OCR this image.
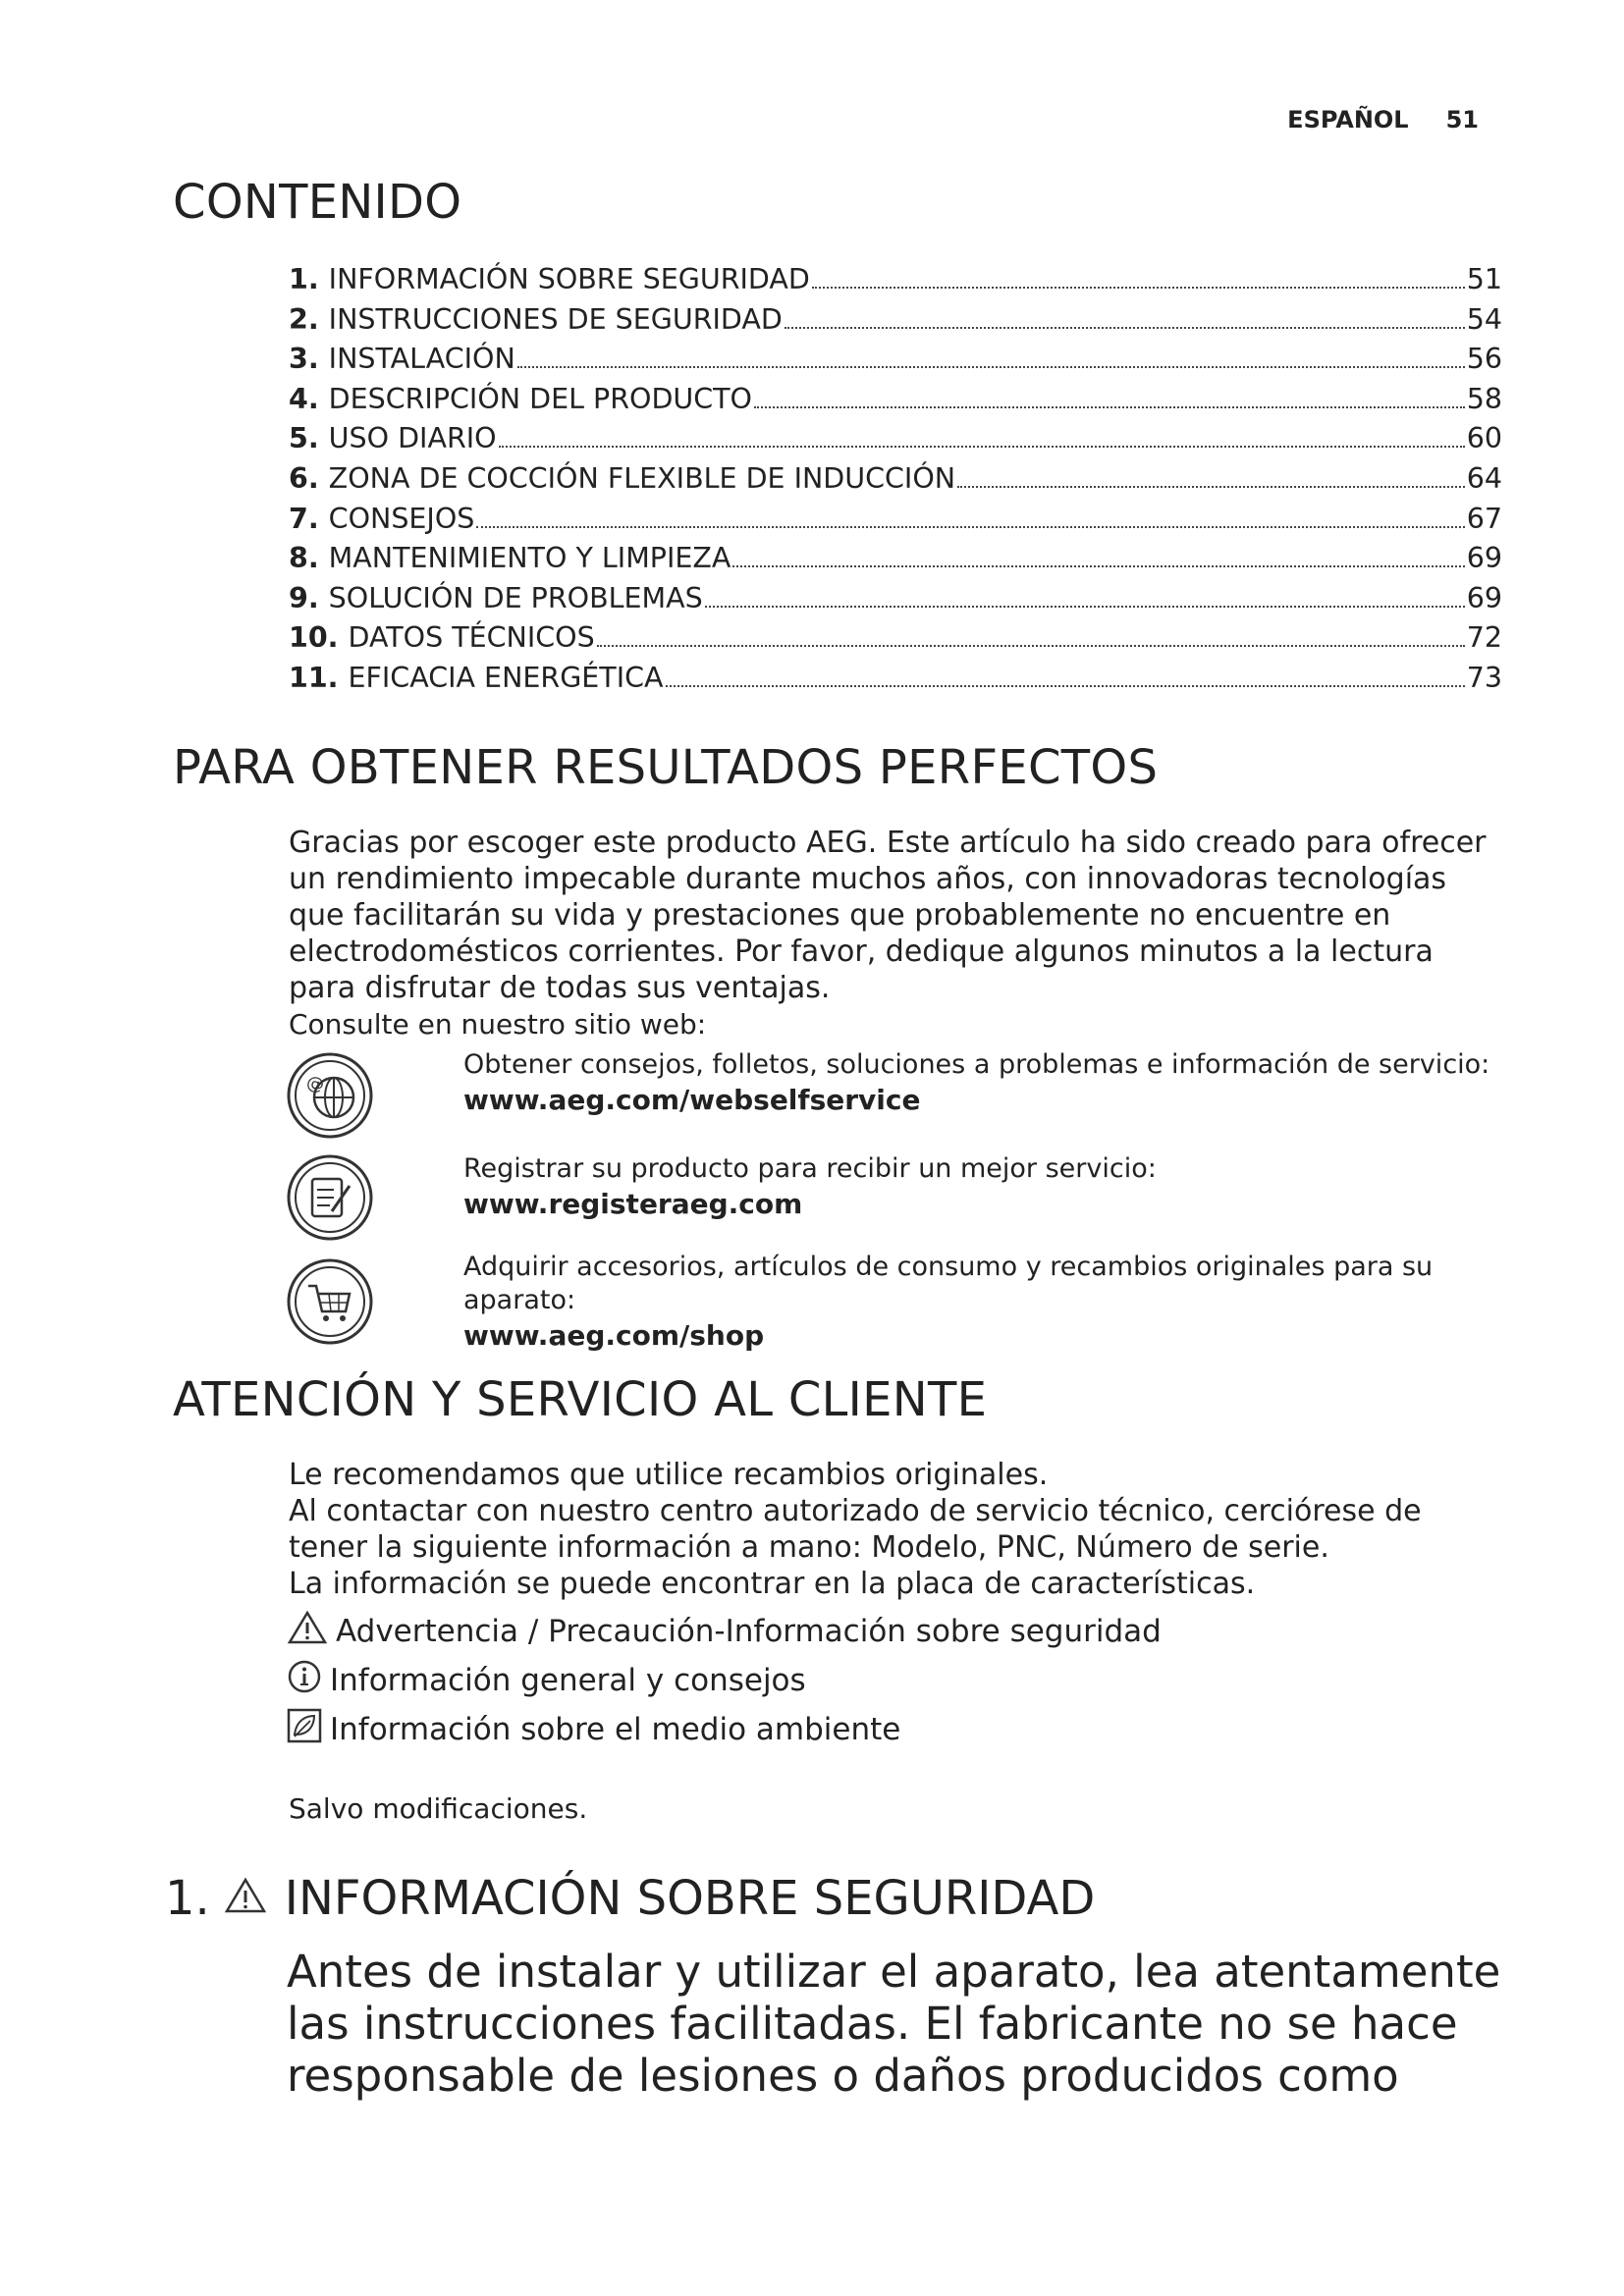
ESPAÑOL 51
CONTENIDO
1. INFORMACIÓN SOBRE SEGURIDAD	51
2. INSTRUCCIONES DE SEGURIDAD	54
3. INSTALACIÓN	56
4. DESCRIPCIÓN DEL PRODUCTO	58
5. USO DIARIO	60
6. ZONA DE COCCIÓN FLEXIBLE DE INDUCCIÓN	64
7. CONSEJOS	67
8. MANTENIMIENTO Y LIMPIEZA	69
9. SOLUCIÓN DE PROBLEMAS	69
10. DATOS TÉCNICOS	72
11. EFICACIA ENERGÉTICA	73
PARA OBTENER RESULTADOS PERFECTOS
Gracias por escoger este producto AEG. Este artículo ha sido creado para ofrecer
un rendimiento impecable durante muchos años, con innovadoras tecnologías
que facilitarán su vida y prestaciones que probablemente no encuentre en
electrodomésticos corrientes. Por favor, dedique algunos minutos a la lectura
para disfrutar de todas sus ventajas.
Consulte en nuestro sitio web:
@
Obtener consejos, folletos, soluciones a problemas e información de servicio:
www.aeg.com/webselfservice
Registrar su producto para recibir un mejor servicio:
www.registeraeg.com
Adquirir accesorios, artículos de consumo y recambios originales para su
aparato:
www.aeg.com/shop
ATENCIÓN Y SERVICIO AL CLIENTE
Le recomendamos que utilice recambios originales.
Al contactar con nuestro centro autorizado de servicio técnico, cerciórese de
tener la siguiente información a mano: Modelo, PNC, Número de serie.
La información se puede encontrar en la placa de características.
Advertencia / Precaución-Información sobre seguridad
Información general y consejos
Información sobre el medio ambiente
Salvo modificaciones.
1. INFORMACIÓN SOBRE SEGURIDAD
Antes de instalar y utilizar el aparato, lea atentamente
las instrucciones facilitadas. El fabricante no se hace
responsable de lesiones o daños producidos como
